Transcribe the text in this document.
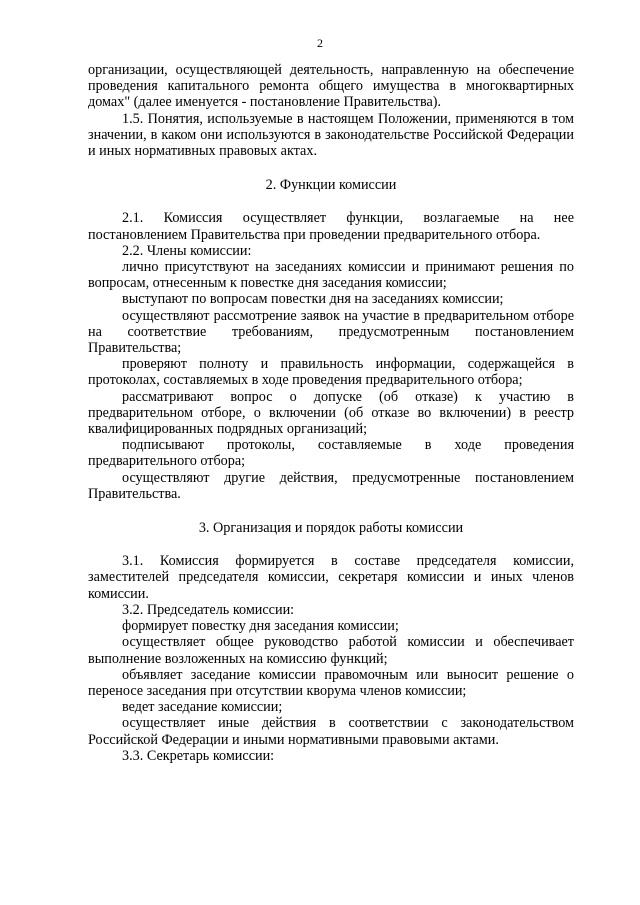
2

организации, осуществляющей деятельность, направленную на обеспечение проведения капитального ремонта общего имущества в многоквартирных домах" (далее именуется - постановление Правительства).

1.5. Понятия, используемые в настоящем Положении, применяются в том значении, в каком они используются в законодательстве Российской Федерации и иных нормативных правовых актах.

2. Функции комиссии

2.1. Комиссия осуществляет функции, возлагаемые на нее постановлением Правительства при проведении предварительного отбора.

2.2. Члены комиссии:

лично присутствуют на заседаниях комиссии и принимают решения по вопросам, отнесенным к повестке дня заседания комиссии;

выступают по вопросам повестки дня на заседаниях комиссии;

осуществляют рассмотрение заявок на участие в предварительном отборе на соответствие требованиям, предусмотренным постановлением Правительства;

проверяют полноту и правильность информации, содержащейся в протоколах, составляемых в ходе проведения предварительного отбора;

рассматривают вопрос о допуске (об отказе) к участию в предварительном отборе, о включении (об отказе во включении) в реестр квалифицированных подрядных организаций;

подписывают протоколы, составляемые в ходе проведения предварительного отбора;

осуществляют другие действия, предусмотренные постановлением Правительства.

3. Организация и порядок работы комиссии

3.1. Комиссия формируется в составе председателя комиссии, заместителей председателя комиссии, секретаря комиссии и иных членов комиссии.

3.2. Председатель комиссии:

формирует повестку дня заседания комиссии;

осуществляет общее руководство работой комиссии и обеспечивает выполнение возложенных на комиссию функций;

объявляет заседание комиссии правомочным или выносит решение о переносе заседания при отсутствии кворума членов комиссии;

ведет заседание комиссии;

осуществляет иные действия в соответствии с законодательством Российской Федерации и иными нормативными правовыми актами.

3.3. Секретарь комиссии:
